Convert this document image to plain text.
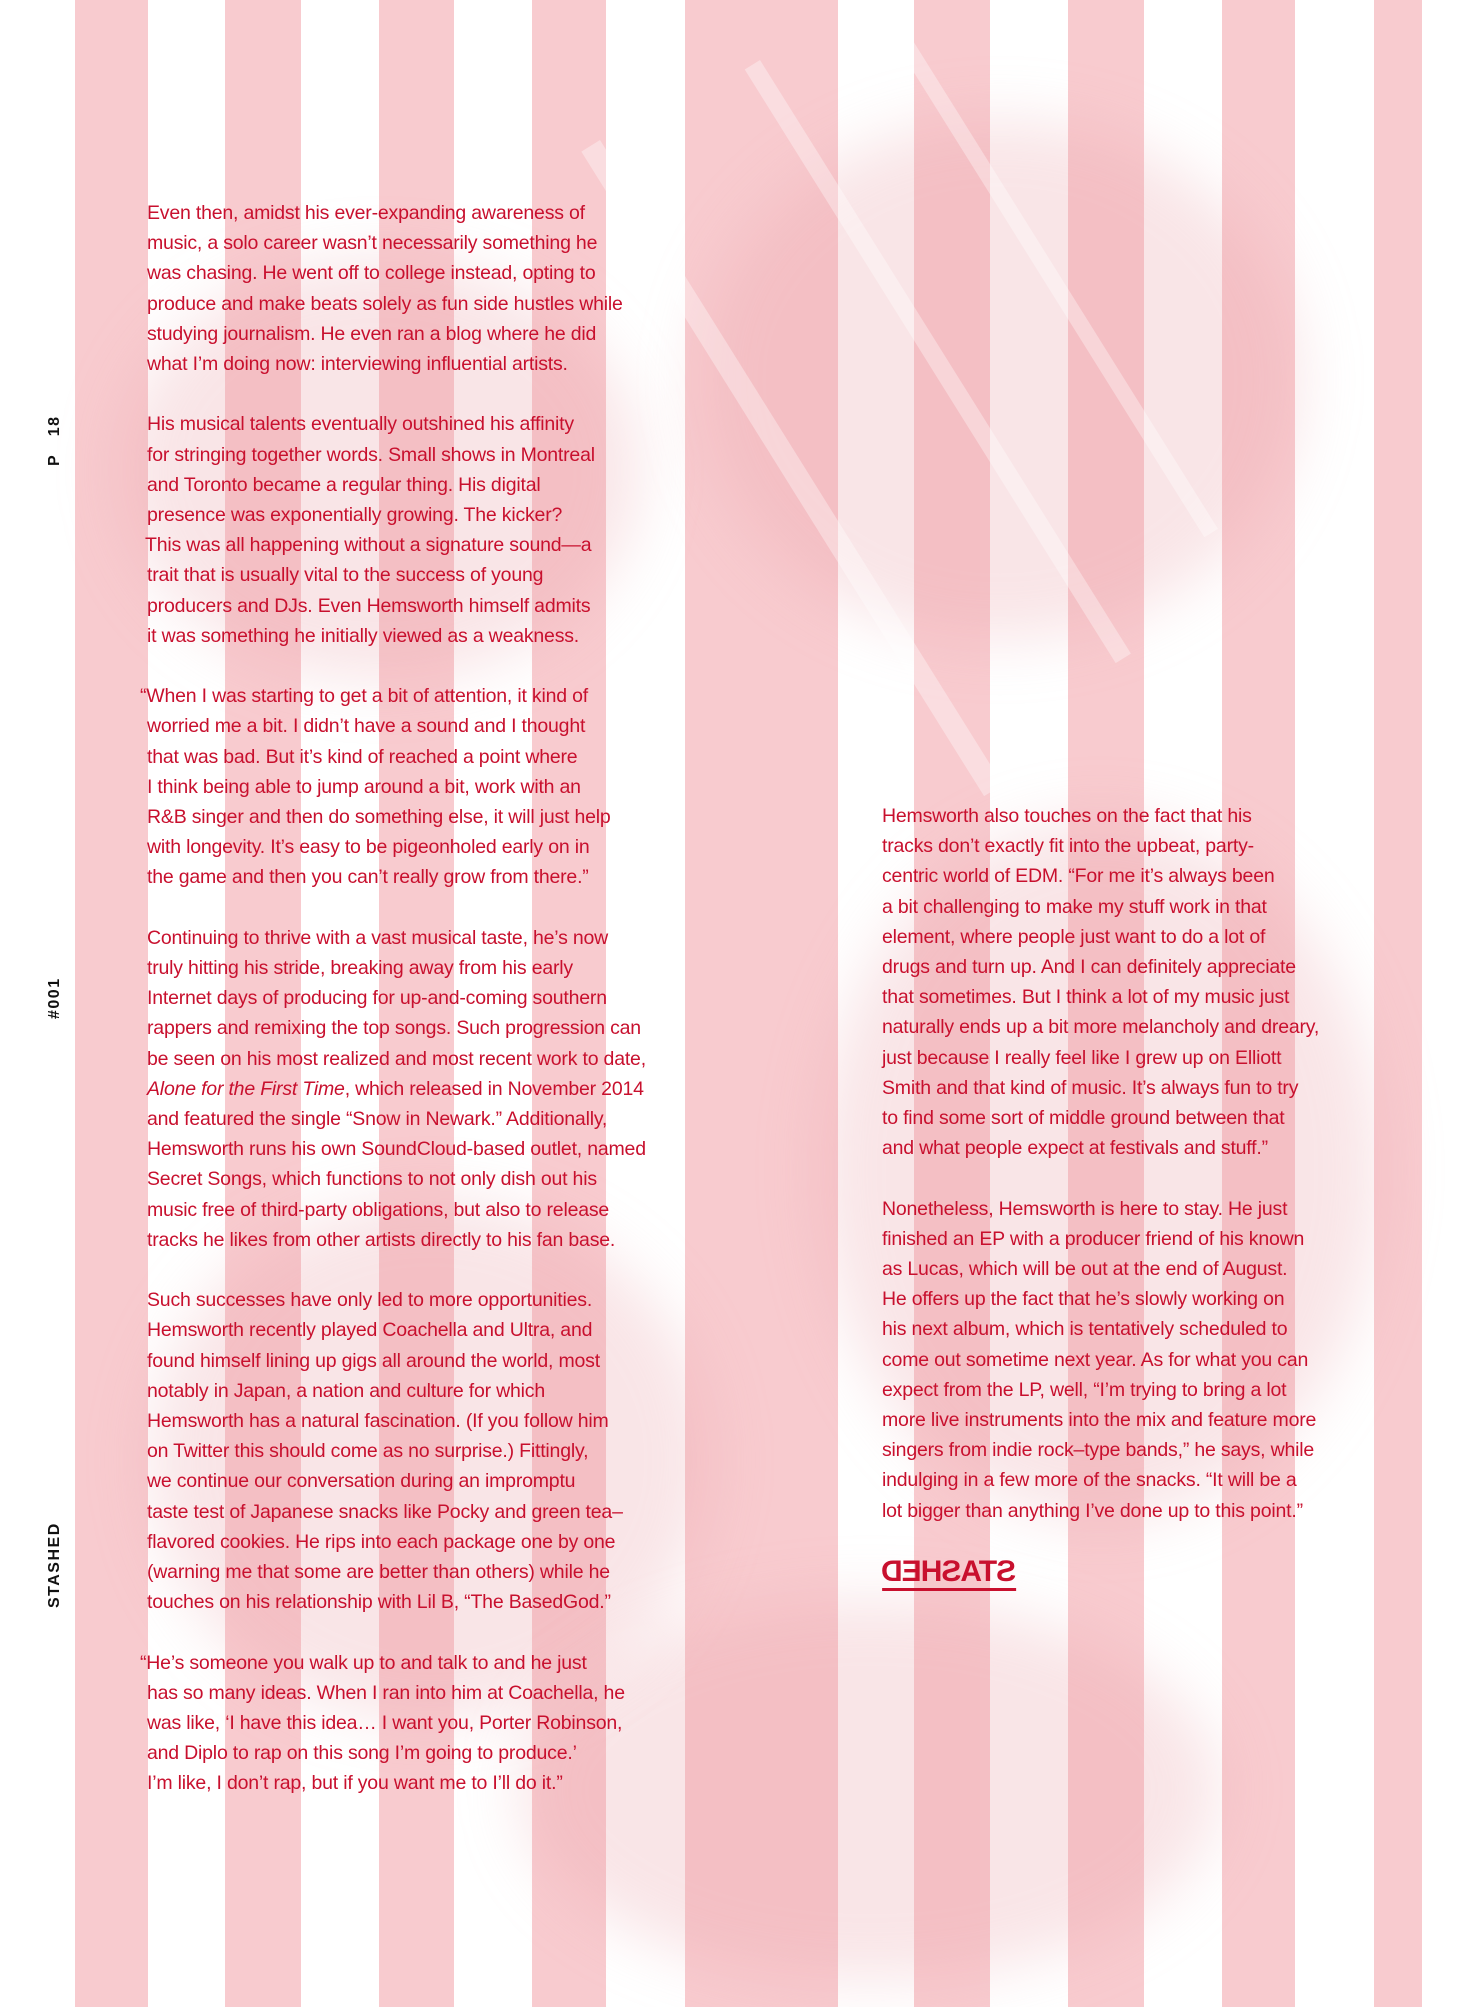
P   18
#001
STASHED

Even then, amidst his ever-expanding awareness of
music, a solo career wasn’t necessarily something he
was chasing. He went off to college instead, opting to
produce and make beats solely as fun side hustles while
studying journalism. He even ran a blog where he did
what I’m doing now: interviewing influential artists.

His musical talents eventually outshined his affinity
for stringing together words. Small shows in Montreal
and Toronto became a regular thing. His digital
presence was exponentially growing. The kicker?
This was all happening without a signature sound—a
trait that is usually vital to the success of young
producers and DJs. Even Hemsworth himself admits
it was something he initially viewed as a weakness.

“When I was starting to get a bit of attention, it kind of
worried me a bit. I didn’t have a sound and I thought
that was bad. But it’s kind of reached a point where
I think being able to jump around a bit, work with an
R&B singer and then do something else, it will just help
with longevity. It’s easy to be pigeonholed early on in
the game and then you can’t really grow from there.”

Continuing to thrive with a vast musical taste, he’s now
truly hitting his stride, breaking away from his early
Internet days of producing for up-and-coming southern
rappers and remixing the top songs. Such progression can
be seen on his most realized and most recent work to date,
Alone for the First Time, which released in November 2014
and featured the single “Snow in Newark.” Additionally,
Hemsworth runs his own SoundCloud-based outlet, named
Secret Songs, which functions to not only dish out his
music free of third-party obligations, but also to release
tracks he likes from other artists directly to his fan base.

Such successes have only led to more opportunities.
Hemsworth recently played Coachella and Ultra, and
found himself lining up gigs all around the world, most
notably in Japan, a nation and culture for which
Hemsworth has a natural fascination. (If you follow him
on Twitter this should come as no surprise.) Fittingly,
we continue our conversation during an impromptu
taste test of Japanese snacks like Pocky and green tea–
flavored cookies. He rips into each package one by one
(warning me that some are better than others) while he
touches on his relationship with Lil B, “The BasedGod.”

“He’s someone you walk up to and talk to and he just
has so many ideas. When I ran into him at Coachella, he
was like, ‘I have this idea… I want you, Porter Robinson,
and Diplo to rap on this song I’m going to produce.’
I’m like, I don’t rap, but if you want me to I’ll do it.”

Hemsworth also touches on the fact that his
tracks don’t exactly fit into the upbeat, party-
centric world of EDM. “For me it’s always been
a bit challenging to make my stuff work in that
element, where people just want to do a lot of
drugs and turn up. And I can definitely appreciate
that sometimes. But I think a lot of my music just
naturally ends up a bit more melancholy and dreary,
just because I really feel like I grew up on Elliott
Smith and that kind of music. It’s always fun to try
to find some sort of middle ground between that
and what people expect at festivals and stuff.”

Nonetheless, Hemsworth is here to stay. He just
finished an EP with a producer friend of his known
as Lucas, which will be out at the end of August.
He offers up the fact that he’s slowly working on
his next album, which is tentatively scheduled to
come out sometime next year. As for what you can
expect from the LP, well, “I’m trying to bring a lot
more live instruments into the mix and feature more
singers from indie rock–type bands,” he says, while
indulging in a few more of the snacks. “It will be a
lot bigger than anything I’ve done up to this point.”

STASHED
